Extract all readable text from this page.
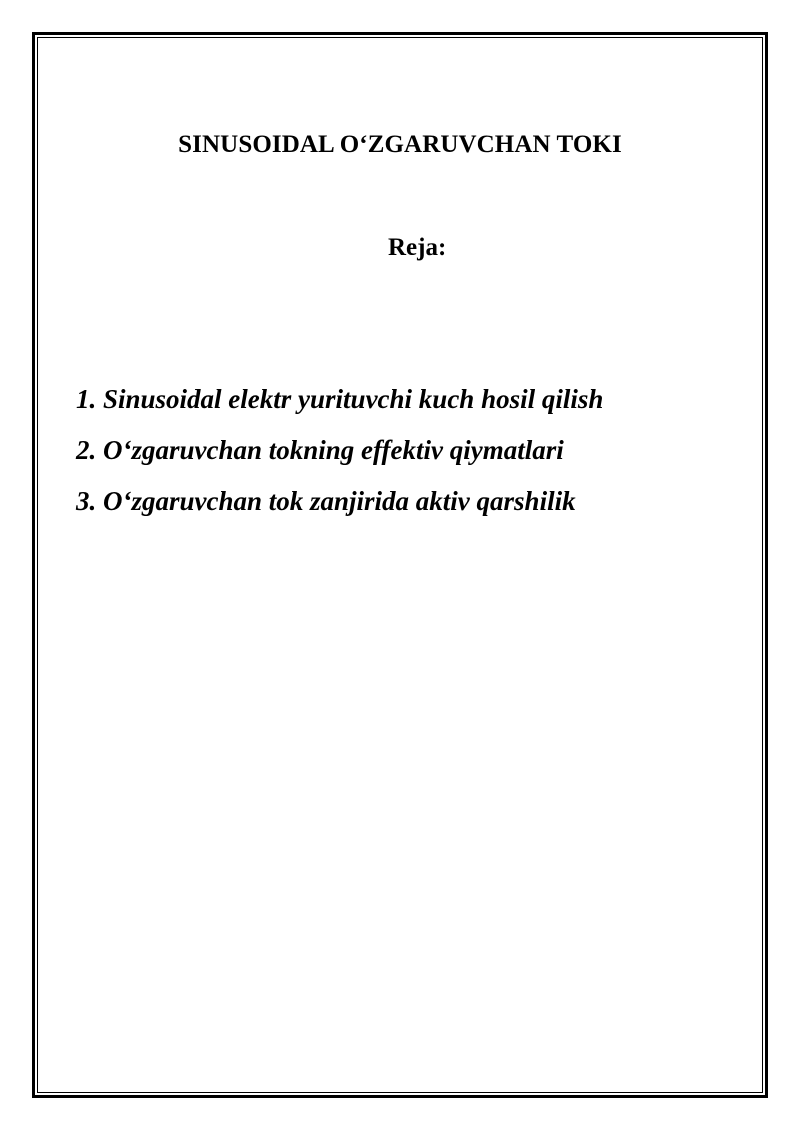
SINUSOIDAL O‘ZGARUVCHAN TOKI
Reja:
1. Sinusoidal elektr yurituvchi kuch hosil qilish
2. O‘zgaruvchan tokning effektiv qiymatlari
3. O‘zgaruvchan tok zanjirida aktiv qarshilik
